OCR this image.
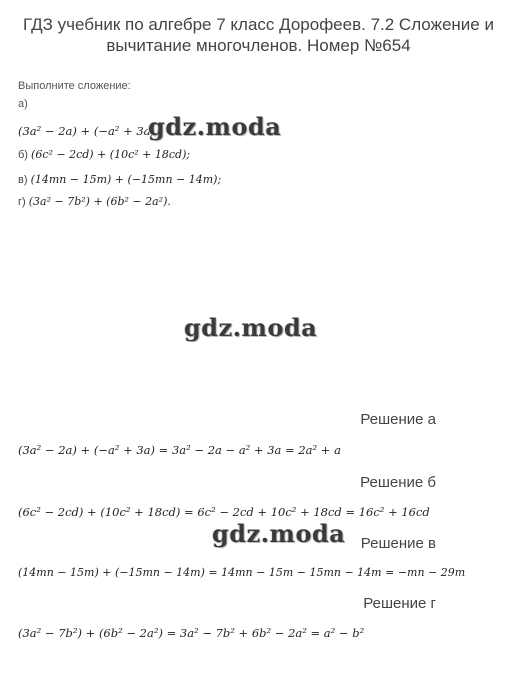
ГДЗ учебник по алгебре 7 класс Дорофеев. 7.2 Сложение и вычитание многочленов. Номер №654
Выполните сложение:
а)
(3a² − 2a) + (−a² + 3a);
б) (6c² − 2cd) + (10c² + 18cd);
в) (14mn − 15m) + (−15mn − 14m);
г) (3a² − 7b²) + (6b² − 2a²).
Решение а
(3a² − 2a) + (−a² + 3a) = 3a² − 2a − a² + 3a = 2a² + a
Решение б
(6c² − 2cd) + (10c² + 18cd) = 6c² − 2cd + 10c² + 18cd = 16c² + 16cd
Решение в
(14mn − 15m) + (−15mn − 14m) = 14mn − 15m − 15mn − 14m = −mn − 29m
Решение г
(3a² − 7b²) + (6b² − 2a²) = 3a² − 7b² + 6b² − 2a² = a² − b²
gdz.moda
gdz.moda
gdz.moda
